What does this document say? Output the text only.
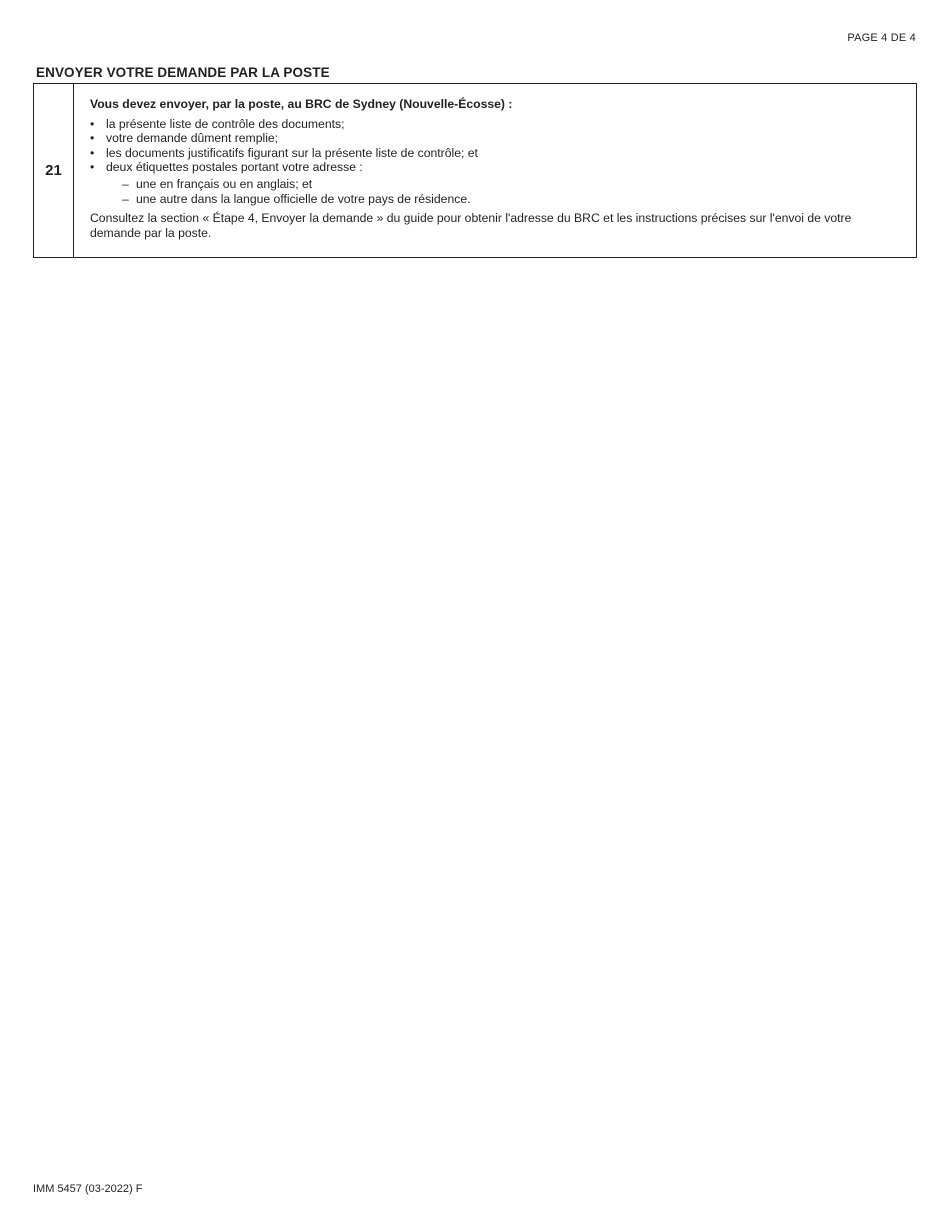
PAGE 4 DE 4
ENVOYER VOTRE DEMANDE PAR LA POSTE
21
Vous devez envoyer, par la poste, au BRC de Sydney (Nouvelle-Écosse) :
• la présente liste de contrôle des documents;
• votre demande dûment remplie;
• les documents justificatifs figurant sur la présente liste de contrôle; et
• deux étiquettes postales portant votre adresse :
– une en français ou en anglais; et
– une autre dans la langue officielle de votre pays de résidence.
Consultez la section « Étape 4, Envoyer la demande » du guide pour obtenir l'adresse du BRC et les instructions précises sur l'envoi de votre demande par la poste.
IMM 5457 (03-2022) F
